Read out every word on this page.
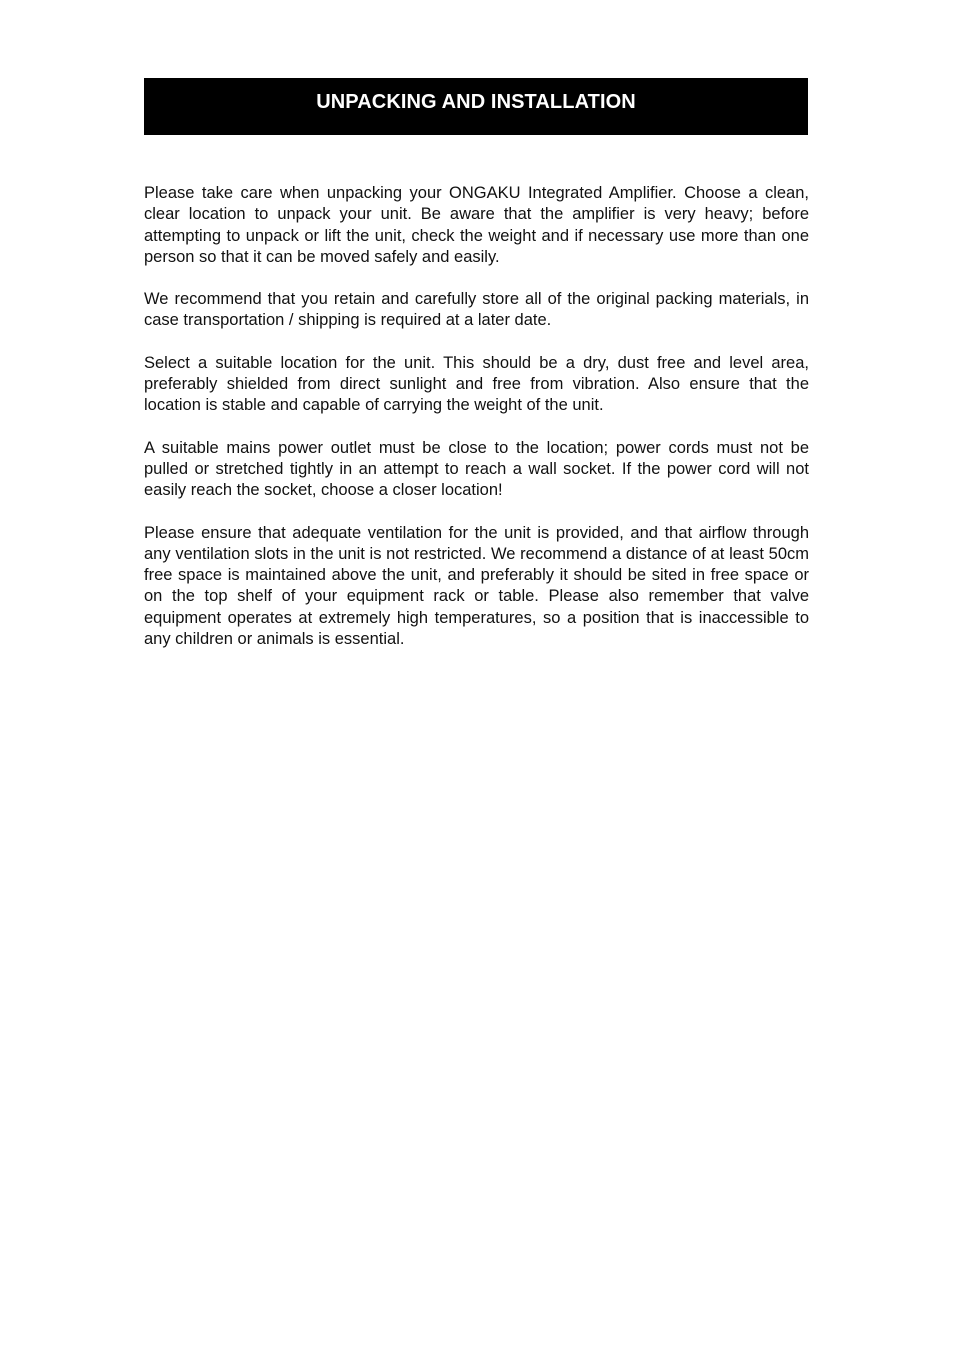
UNPACKING AND INSTALLATION

Please take care when unpacking your ONGAKU Integrated Amplifier. Choose a clean, clear location to unpack your unit. Be aware that the amplifier is very heavy; before attempting to unpack or lift the unit, check the weight and if necessary use more than one person so that it can be moved safely and easily.

We recommend that you retain and carefully store all of the original packing materials, in case transportation / shipping is required at a later date.

Select a suitable location for the unit. This should be a dry, dust free and level area, preferably shielded from direct sunlight and free from vibration. Also ensure that the location is stable and capable of carrying the weight of the unit.

A suitable mains power outlet must be close to the location; power cords must not be pulled or stretched tightly in an attempt to reach a wall socket. If the power cord will not easily reach the socket, choose a closer location!

Please ensure that adequate ventilation for the unit is provided, and that airflow through any ventilation slots in the unit is not restricted. We recommend a distance of at least 50cm free space is maintained above the unit, and preferably it should be sited in free space or on the top shelf of your equipment rack or table. Please also remember that valve equipment operates at extremely high temperatures, so a position that is inaccessible to any children or animals is essential.
